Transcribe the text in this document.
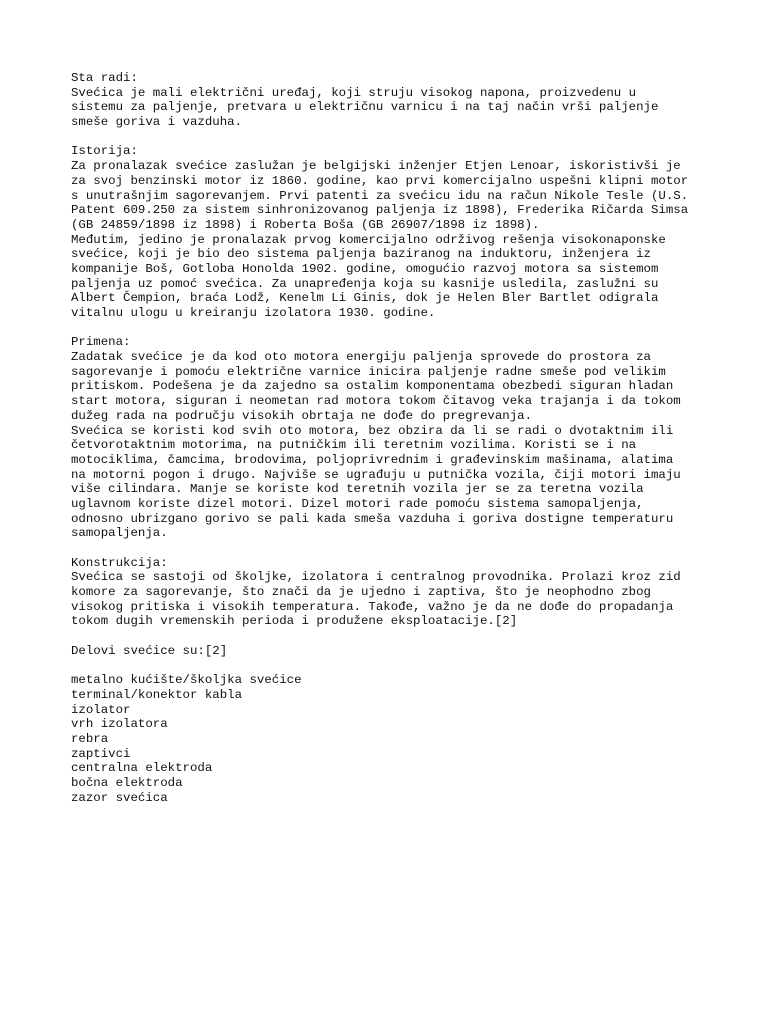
Sta radi:
Svećica je mali električni uređaj, koji struju visokog napona, proizvedenu u
sistemu za paljenje, pretvara u električnu varnicu i na taj način vrši paljenje
smeše goriva i vazduha.
Istorija:
Za pronalazak svećice zaslužan je belgijski inženjer Etjen Lenoar, iskoristivši je
za svoj benzinski motor iz 1860. godine, kao prvi komercijalno uspešni klipni motor
s unutrašnjim sagorevanjem. Prvi patenti za svećicu idu na račun Nikole Tesle (U.S.
Patent 609.250 za sistem sinhronizovanog paljenja iz 1898), Frederika Ričarda Simsa
(GB 24859/1898 iz 1898) i Roberta Boša (GB 26907/1898 iz 1898).
Međutim, jedino je pronalazak prvog komercijalno održivog rešenja visokonaponske
svećice, koji je bio deo sistema paljenja baziranog na induktoru, inženjera iz
kompanije Boš, Gotloba Honolda 1902. godine, omogućio razvoj motora sa sistemom
paljenja uz pomoć svećica. Za unapređenja koja su kasnije usledila, zaslužni su
Albert Čempion, braća Lodž, Kenelm Li Ginis, dok je Helen Bler Bartlet odigrala
vitalnu ulogu u kreiranju izolatora 1930. godine.
Primena:
Zadatak svećice je da kod oto motora energiju paljenja sprovede do prostora za
sagorevanje i pomoću električne varnice inicira paljenje radne smeše pod velikim
pritiskom. Podešena je da zajedno sa ostalim komponentama obezbedi siguran hladan
start motora, siguran i neometan rad motora tokom čitavog veka trajanja i da tokom
dužeg rada na području visokih obrtaja ne dođe do pregrevanja.
Svećica se koristi kod svih oto motora, bez obzira da li se radi o dvotaktnim ili
četvorotaktnim motorima, na putničkim ili teretnim vozilima. Koristi se i na
motociklima, čamcima, brodovima, poljoprivrednim i građevinskim mašinama, alatima
na motorni pogon i drugo. Najviše se ugrađuju u putnička vozila, čiji motori imaju
više cilindara. Manje se koriste kod teretnih vozila jer se za teretna vozila
uglavnom koriste dizel motori. Dizel motori rade pomoću sistema samopaljenja,
odnosno ubrizgano gorivo se pali kada smeša vazduha i goriva dostigne temperaturu
samopaljenja.
Konstrukcija:
Svećica se sastoji od školjke, izolatora i centralnog provodnika. Prolazi kroz zid
komore za sagorevanje, što znači da je ujedno i zaptiva, što je neophodno zbog
visokog pritiska i visokih temperatura. Takođe, važno je da ne dođe do propadanja
tokom dugih vremenskih perioda i produžene eksploatacije.[2]
Delovi svećice su:[2]
metalno kućište/školjka svećice
terminal/konektor kabla
izolator
vrh izolatora
rebra
zaptivci
centralna elektroda
bočna elektroda
zazor svećica
